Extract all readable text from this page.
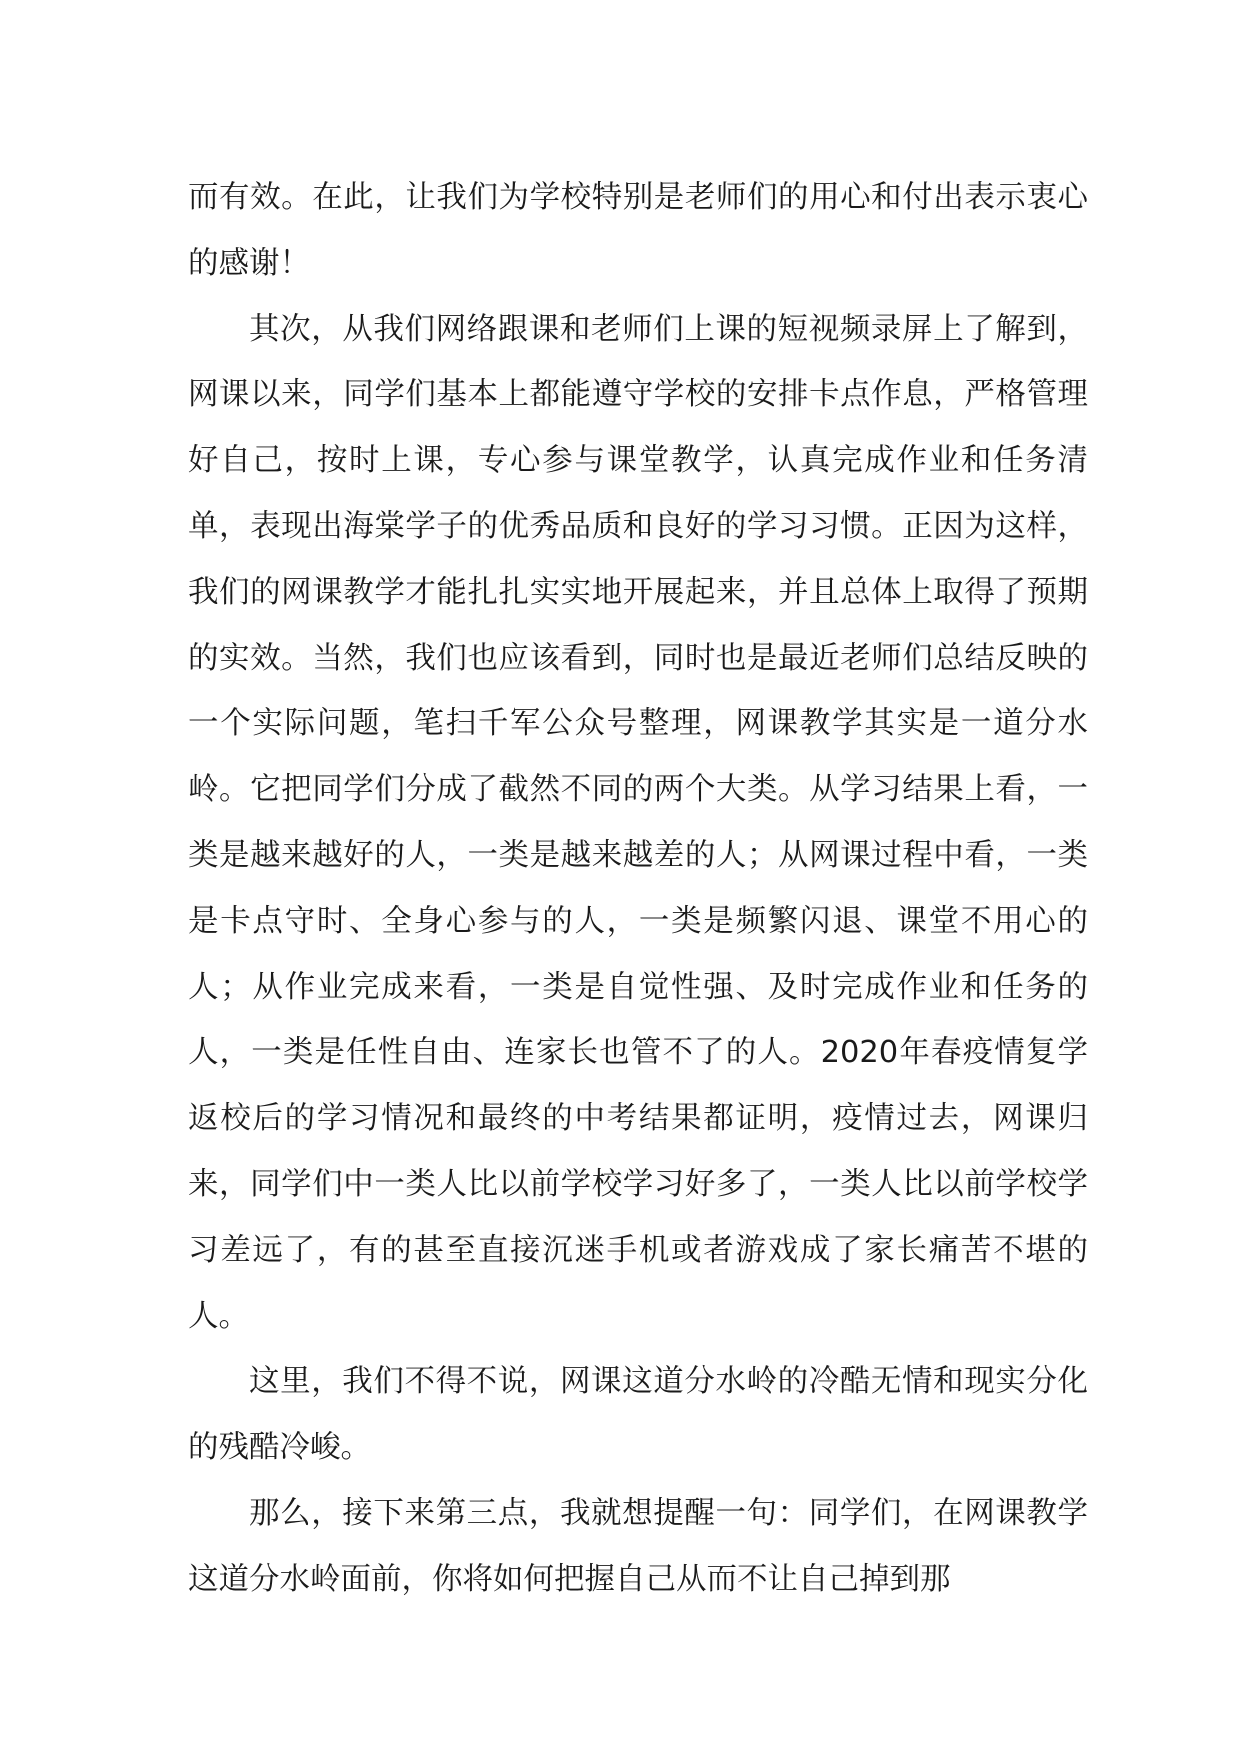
而有效。在此，让我们为学校特别是老师们的用心和付出表示衷心的感谢！

其次，从我们网络跟课和老师们上课的短视频录屏上了解到，网课以来，同学们基本上都能遵守学校的安排卡点作息，严格管理好自己，按时上课，专心参与课堂教学，认真完成作业和任务清单，表现出海棠学子的优秀品质和良好的学习习惯。正因为这样，我们的网课教学才能扎扎实实地开展起来，并且总体上取得了预期的实效。当然，我们也应该看到，同时也是最近老师们总结反映的一个实际问题，笔扫千军公众号整理，网课教学其实是一道分水岭。它把同学们分成了截然不同的两个大类。从学习结果上看，一类是越来越好的人，一类是越来越差的人；从网课过程中看，一类是卡点守时、全身心参与的人，一类是频繁闪退、课堂不用心的人；从作业完成来看，一类是自觉性强、及时完成作业和任务的人，一类是任性自由、连家长也管不了的人。2020年春疫情复学返校后的学习情况和最终的中考结果都证明，疫情过去，网课归来，同学们中一类人比以前学校学习好多了，一类人比以前学校学习差远了，有的甚至直接沉迷手机或者游戏成了家长痛苦不堪的人。

这里，我们不得不说，网课这道分水岭的冷酷无情和现实分化的残酷冷峻。

那么，接下来第三点，我就想提醒一句：同学们，在网课教学这道分水岭面前，你将如何把握自己从而不让自己掉到那
